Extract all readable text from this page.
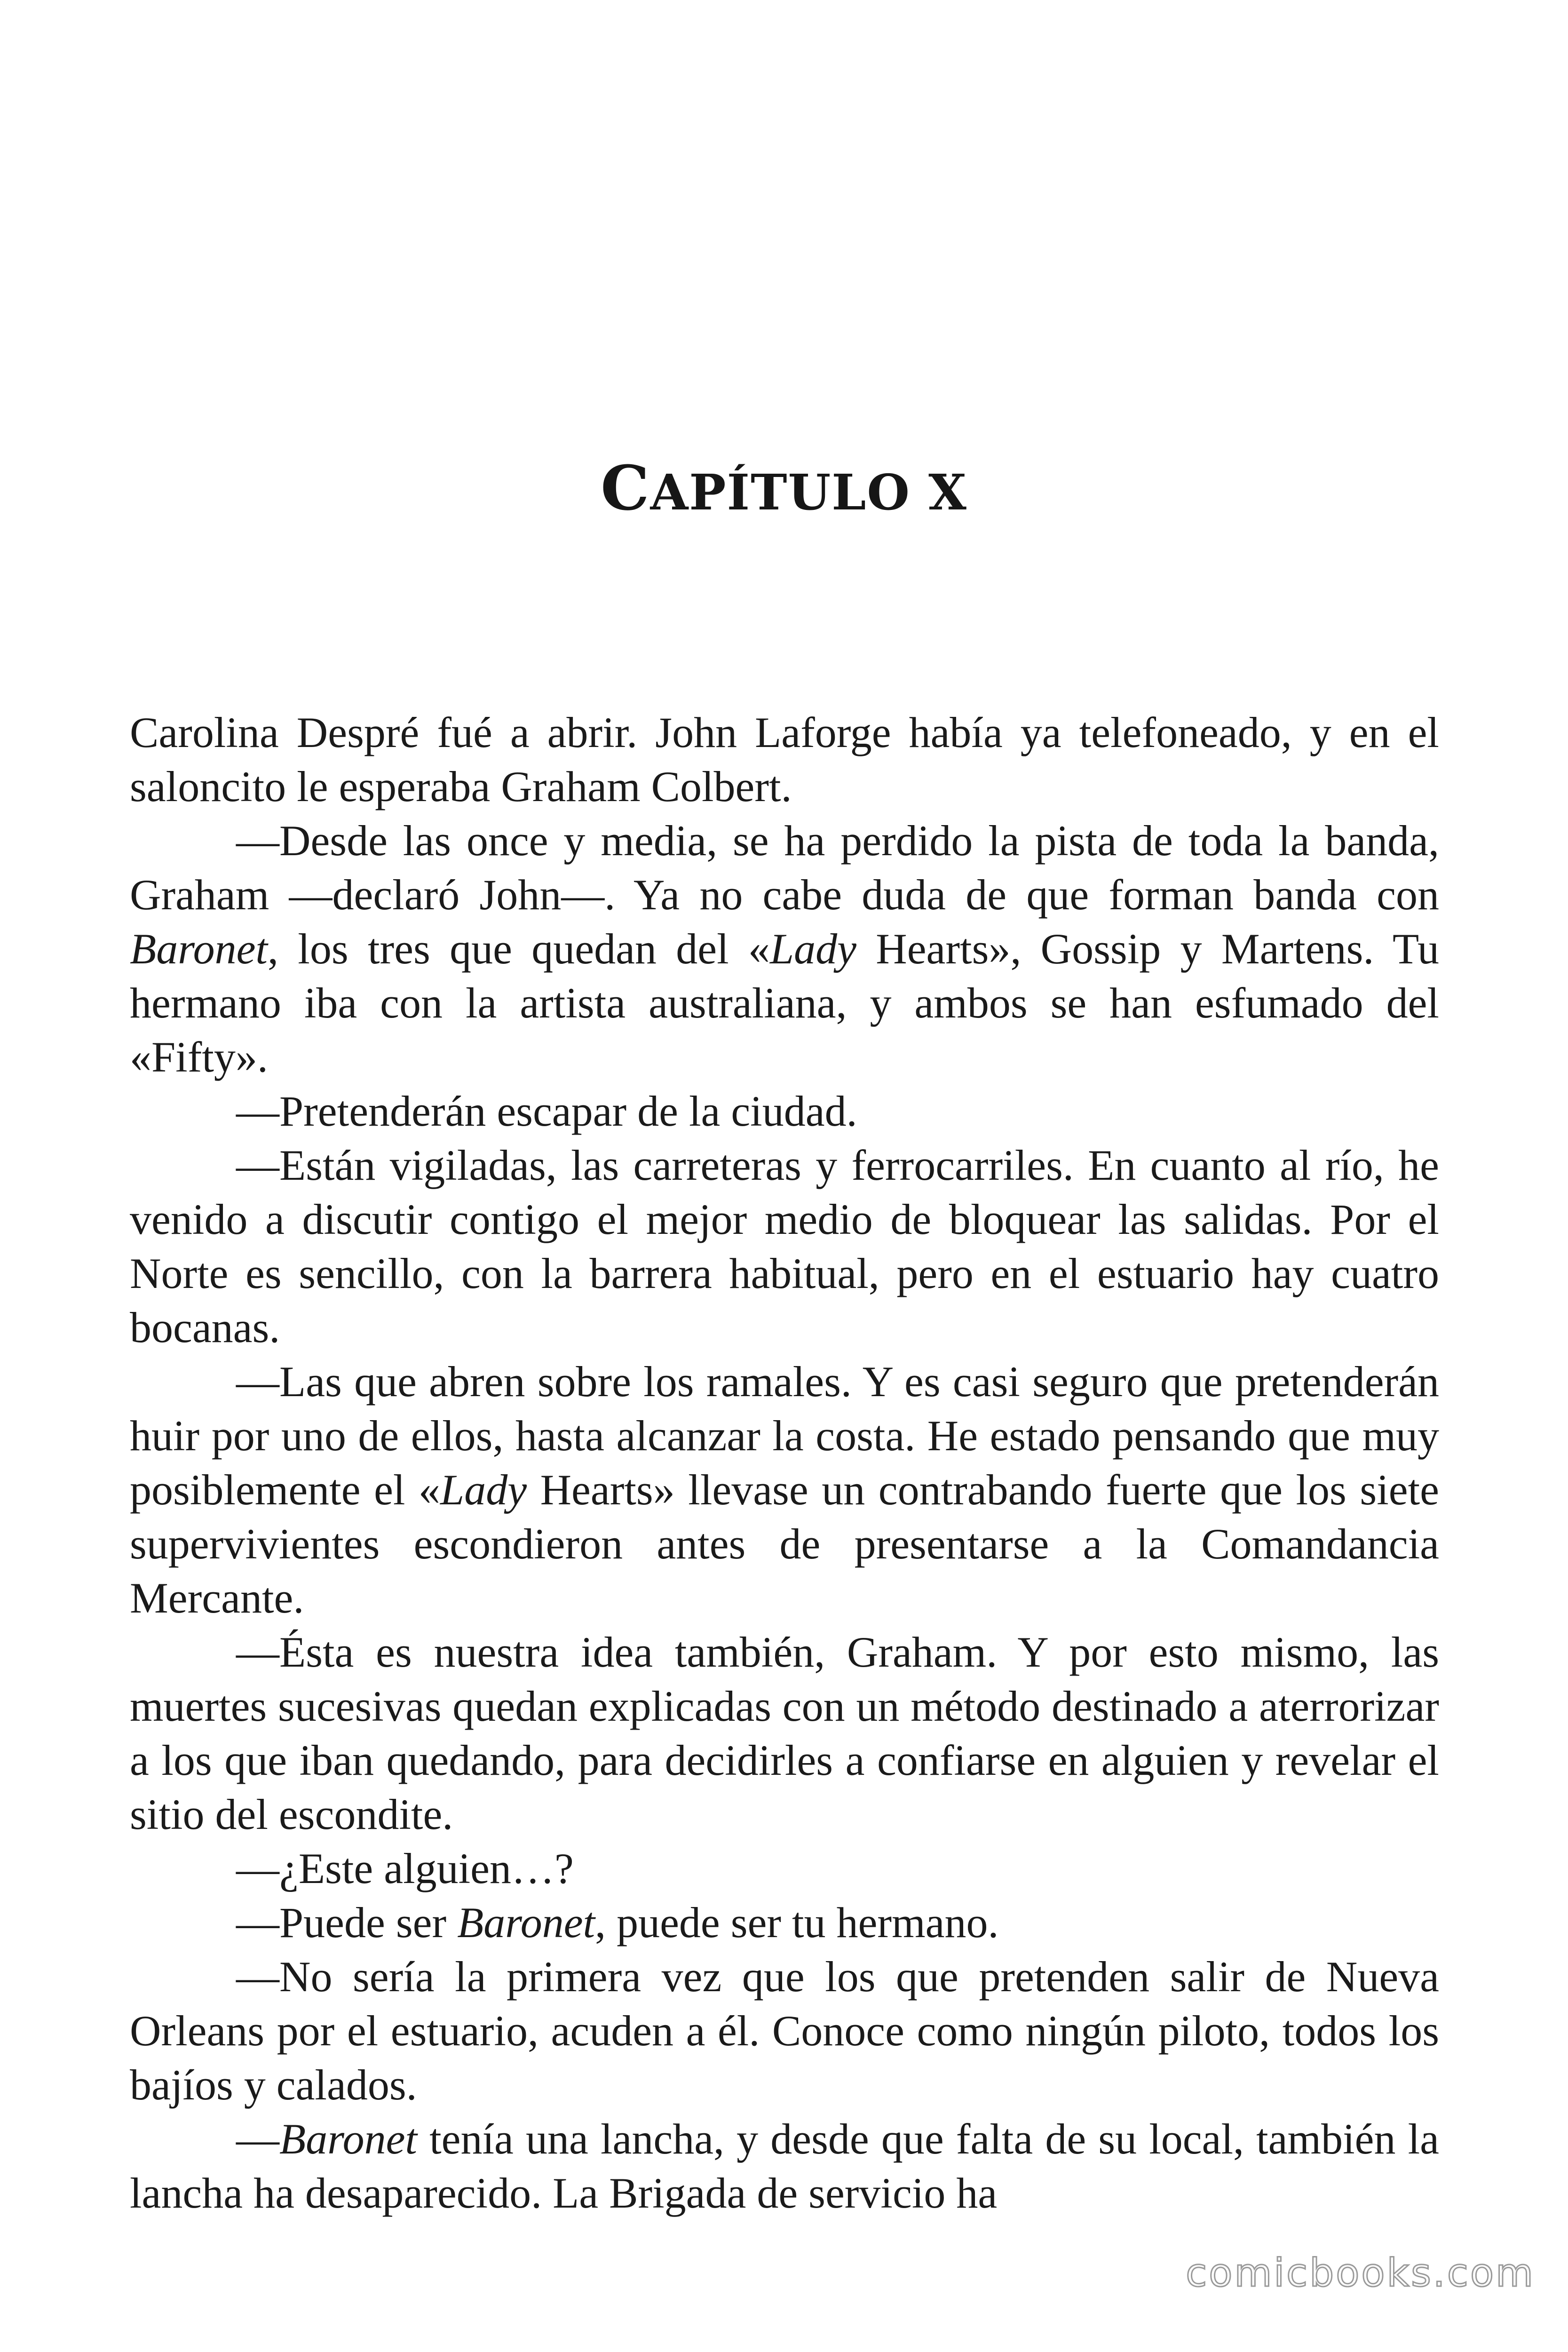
CAPÍTULO X

Carolina Despré fué a abrir. John Laforge había ya telefoneado, y en el saloncito le esperaba Graham Colbert.

—Desde las once y media, se ha perdido la pista de toda la banda, Graham —declaró John—. Ya no cabe duda de que forman banda con Baronet, los tres que quedan del «Lady Hearts», Gossip y Martens. Tu hermano iba con la artista australiana, y ambos se han esfumado del «Fifty».

—Pretenderán escapar de la ciudad.

—Están vigiladas, las carreteras y ferrocarriles. En cuanto al río, he venido a discutir contigo el mejor medio de bloquear las salidas. Por el Norte es sencillo, con la barrera habitual, pero en el estuario hay cuatro bocanas.

—Las que abren sobre los ramales. Y es casi seguro que pretenderán huir por uno de ellos, hasta alcanzar la costa. He estado pensando que muy posiblemente el «Lady Hearts» llevase un contrabando fuerte que los siete supervivientes escondieron antes de presentarse a la Comandancia Mercante.

—Ésta es nuestra idea también, Graham. Y por esto mismo, las muertes sucesivas quedan explicadas con un método destinado a aterrorizar a los que iban quedando, para decidirles a confiarse en alguien y revelar el sitio del escondite.

—¿Este alguien…?

—Puede ser Baronet, puede ser tu hermano.

—No sería la primera vez que los que pretenden salir de Nueva Orleans por el estuario, acuden a él. Conoce como ningún piloto, todos los bajíos y calados.

—Baronet tenía una lancha, y desde que falta de su local, también la lancha ha desaparecido. La Brigada de servicio ha

comicbooks.com
